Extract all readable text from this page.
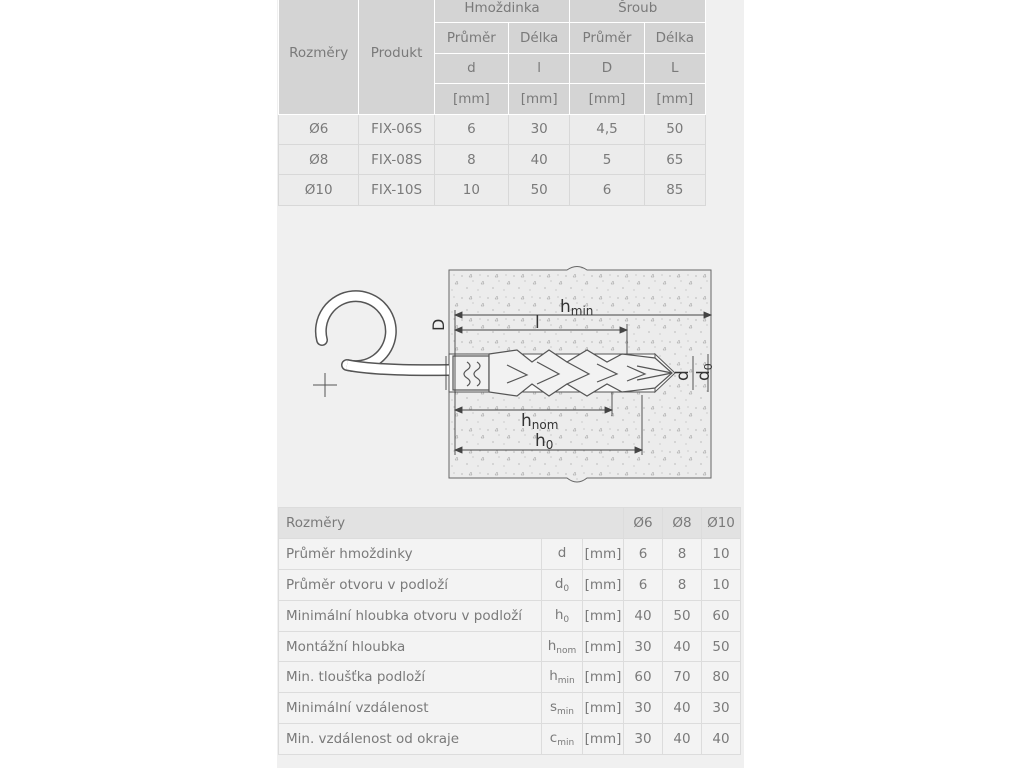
Rozměry	Produkt	Hmoždinka		Šroub	
		Průměr	Délka	Průměr	Délka
		d	l	D	L
		[mm]	[mm]	[mm]	[mm]
Ø6	FIX-06S	6	30	4,5	50
Ø8	FIX-08S	8	40	5	65
Ø10	FIX-10S	10	50	6	85
hmin
l
D
d d0
hnom
h0
Rozměry			Ø6	Ø8	Ø10
Průměr hmoždinky	d	[mm]	6	8	10
Průměr otvoru v podloží	$d_0$	[mm]	6	8	10
Minimální hloubka otvoru v podloží	$h_0$	[mm]	40	50	60
Montážní hloubka	$h_{nom}$	[mm]	30	40	50
Min. tloušťka podloží	$h_{min}$	[mm]	60	70	80
Minimální vzdálenost	$s_{min}$	[mm]	30	40	30
Min. vzdálenost od okraje	$c_{min}$	[mm]	30	40	40
